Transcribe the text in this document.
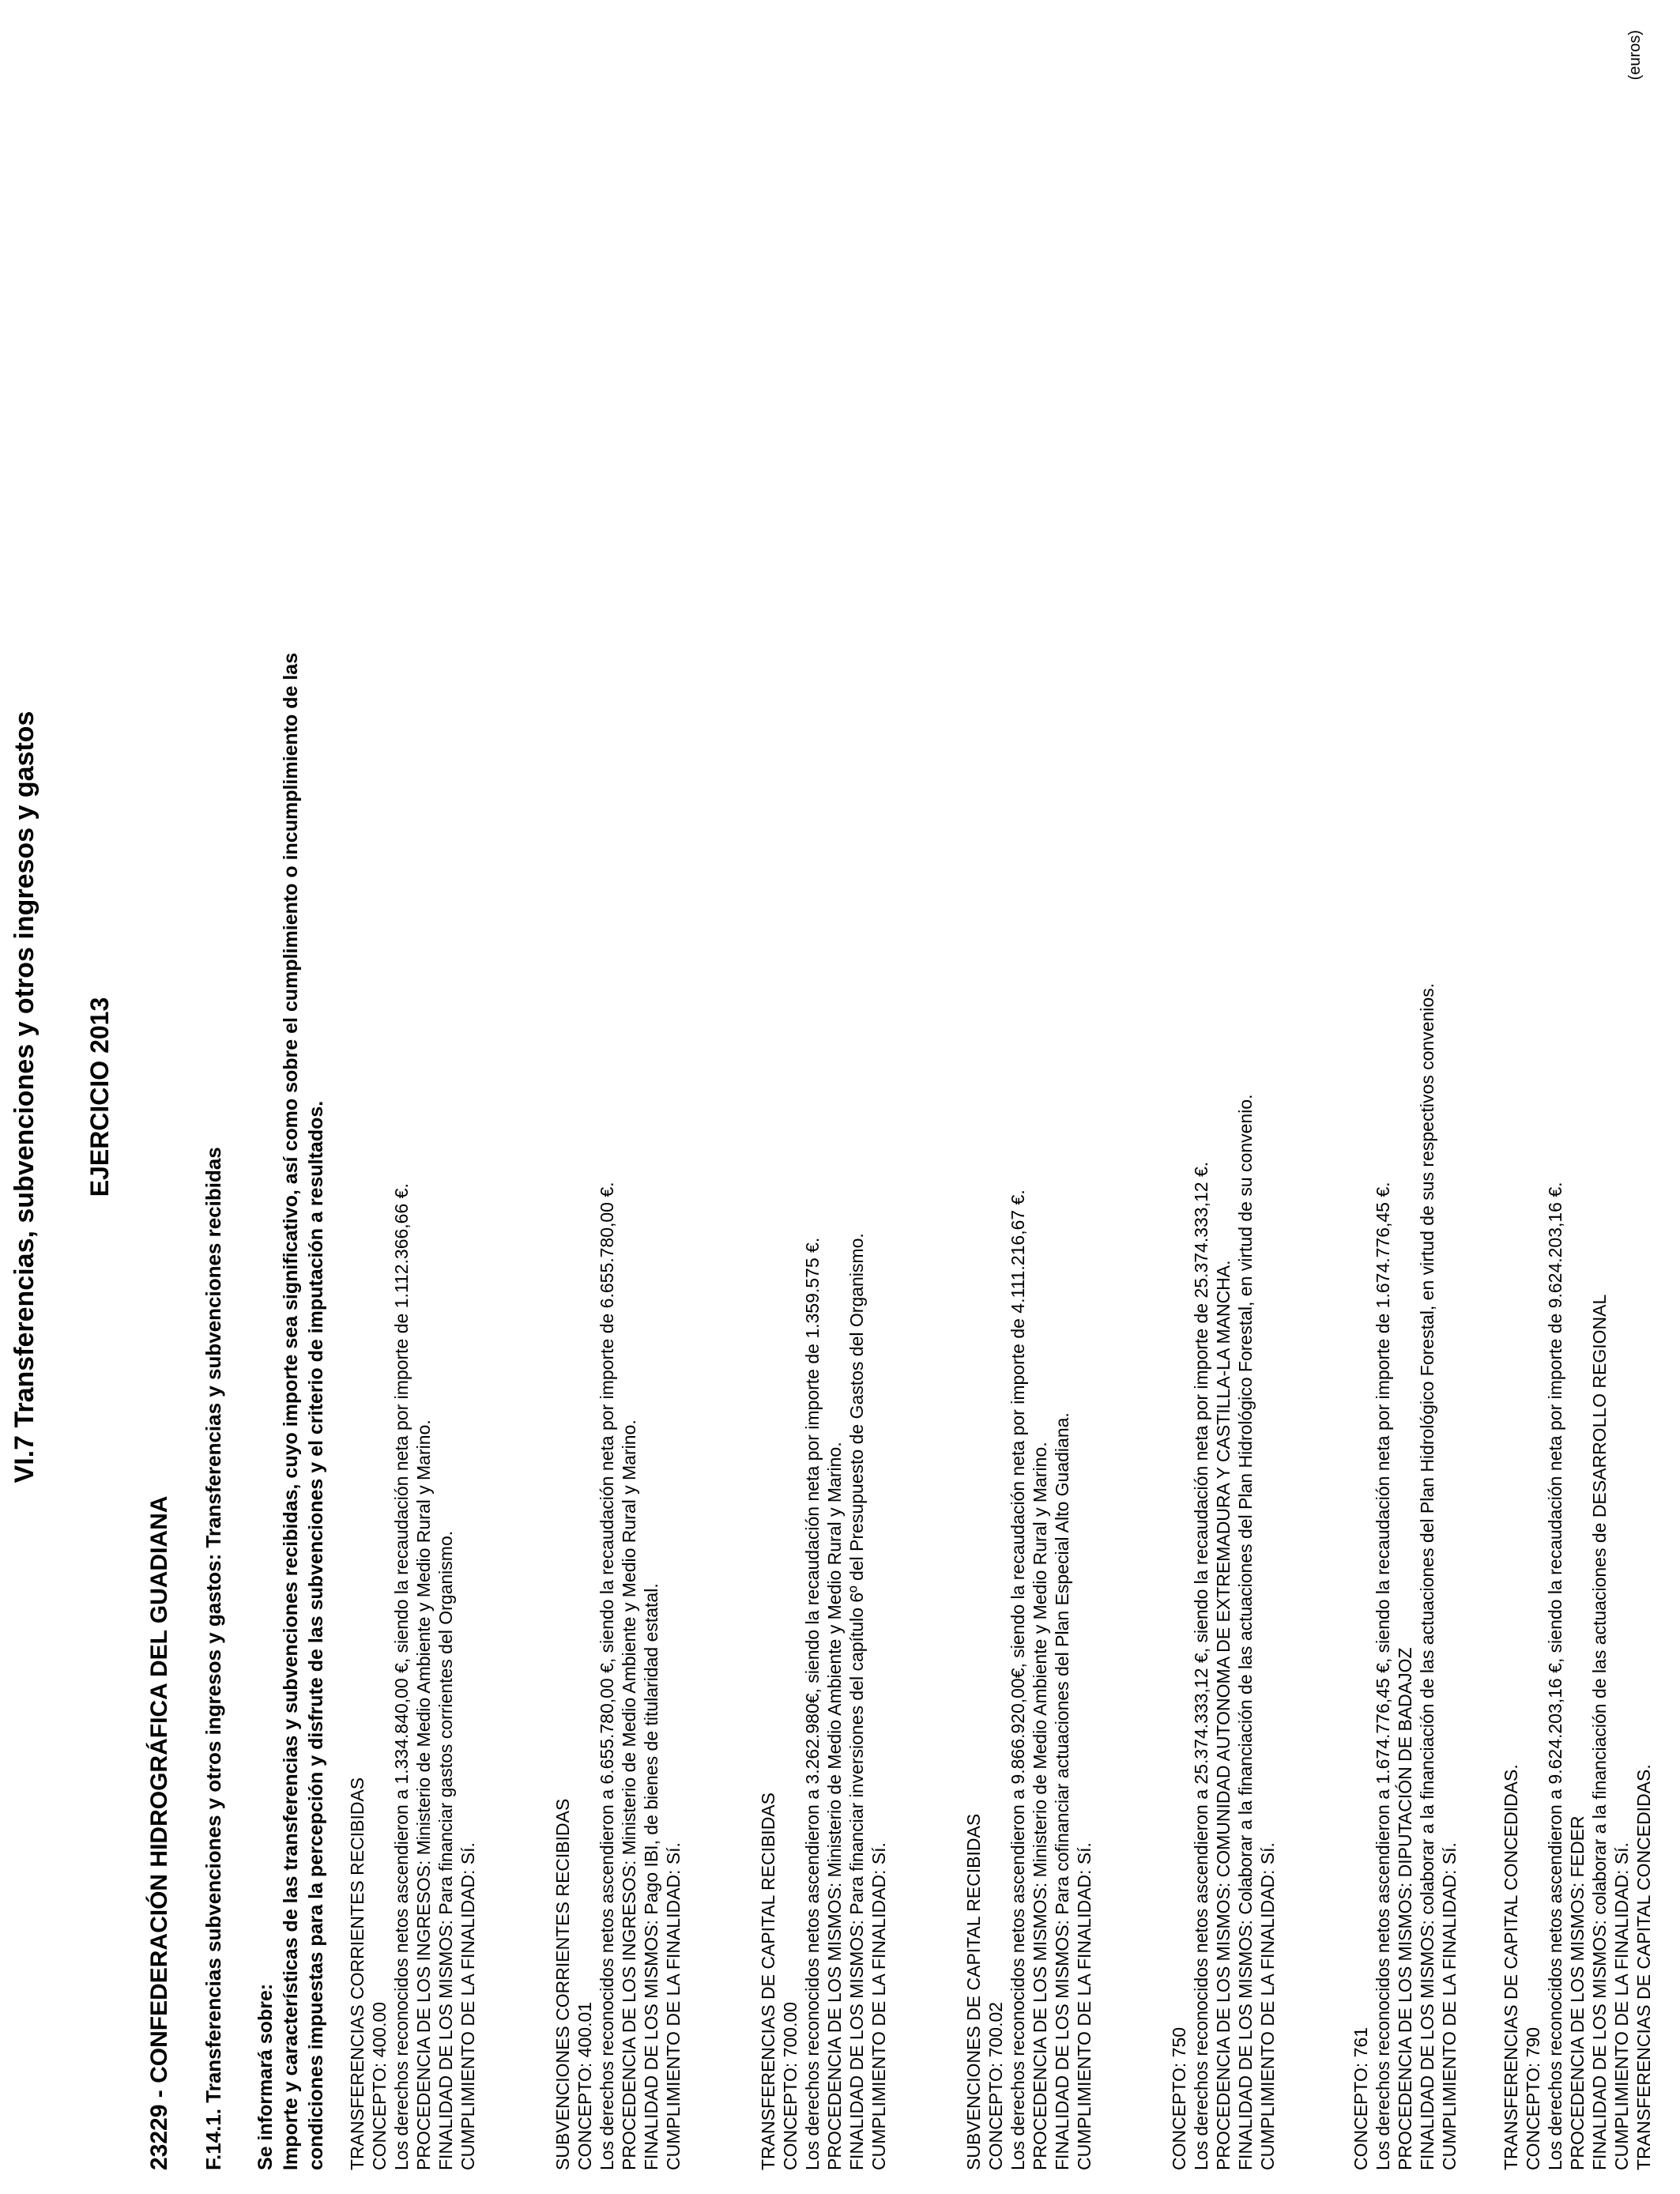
VI.7 Transferencias, subvenciones y otros ingresos y gastos EJERCICIO 2013
(euros)
23229 - CONFEDERACIÓN HIDROGRÁFICA DEL GUADIANA F.14.1. Transferencias subvenciones y otros ingresos y gastos: Transferencias y subvenciones recibidas Se informará sobre: Importe y características de las transferencias y subvenciones recibidas, cuyo importe sea significativo, así como sobre el cumplimiento o incumplimiento de las condiciones impuestas para la percepción y disfrute de las subvenciones y el criterio de imputación a resultados. TRANSFERENCIAS CORRIENTES RECIBIDAS CONCEPTO: 400.00 Los derechos reconocidos netos ascendieron a 1.334.840,00 €, siendo la recaudación neta por importe de 1.112.366,66 €. PROCEDENCIA DE LOS INGRESOS: Ministerio de Medio Ambiente y Medio Rural y Marino. FINALIDAD DE LOS MISMOS: Para financiar gastos corrientes del Organismo. CUMPLIMIENTO DE LA FINALIDAD: Sí.	SUBVENCIONES CORRIENTES RECIBIDAS CONCEPTO: 400.01 Los derechos reconocidos netos ascendieron a 6.655.780,00 €, siendo la recaudación neta por importe de 6.655.780,00 €. PROCEDENCIA DE LOS INGRESOS: Ministerio de Medio Ambiente y Medio Rural y Marino. FINALIDAD DE LOS MISMOS: Pago IBI, de bienes de titularidad estatal. CUMPLIMIENTO DE LA FINALIDAD: Sí.	TRANSFERENCIAS DE CAPITAL RECIBIDAS CONCEPTO: 700.00 Los derechos reconocidos netos ascendieron a 3.262.980€, siendo la recaudación neta por importe de 1.359.575 €. PROCEDENCIA DE LOS MISMOS: Ministerio de Medio Ambiente y Medio Rural y Marino. FINALIDAD DE LOS MISMOS: Para financiar inversiones del capítulo 6º del Presupuesto de Gastos del Organismo. CUMPLIMIENTO DE LA FINALIDAD: Sí.	SUBVENCIONES DE CAPITAL RECIBIDAS CONCEPTO: 700.02 Los derechos reconocidos netos ascendieron a 9.866.920,00€, siendo la recaudación neta por importe de 4.111.216,67 €. PROCEDENCIA DE LOS MISMOS: Ministerio de Medio Ambiente y Medio Rural y Marino. FINALIDAD DE LOS MISMOS: Para cofinanciar actuaciones del Plan Especial Alto Guadiana. CUMPLIMIENTO DE LA FINALIDAD: Sí.	CONCEPTO: 750 Los derechos reconocidos netos ascendieron a 25.374.333,12 €, siendo la recaudación neta por importe de 25.374.333,12 €. PROCEDENCIA DE LOS MISMOS: COMUNIDAD AUTONOMA DE EXTREMADURA Y CASTILLA-LA MANCHA. FINALIDAD DE LOS MISMOS: Colaborar a la financiación de las actuaciones del Plan Hidrológico Forestal, en virtud de su convenio. CUMPLIMIENTO DE LA FINALIDAD: Sí.	CONCEPTO: 761 Los derechos reconocidos netos ascendieron a 1.674.776,45 €, siendo la recaudación neta por importe de 1.674.776,45 €. PROCEDENCIA DE LOS MISMOS: DIPUTACIÓN DE BADAJOZ FINALIDAD DE LOS MISMOS: colaborar a la financiación de las actuaciones del Plan Hidrológico Forestal, en virtud de sus respectivos convenios. CUMPLIMIENTO DE LA FINALIDAD: Sí. TRANSFERENCIAS DE CAPITAL CONCEDIDAS. CONCEPTO: 790 Los derechos reconocidos netos ascendieron a 9.624.203,16 €, siendo la recaudación neta por importe de 9.624.203,16 €. PROCEDENCIA DE LOS MISMOS: FEDER FINALIDAD DE LOS MISMOS: colaborar a la financiación de las actuaciones de DESARROLLO REGIONAL CUMPLIMIENTO DE LA FINALIDAD: Sí. TRANSFERENCIAS DE CAPITAL CONCEDIDAS.
